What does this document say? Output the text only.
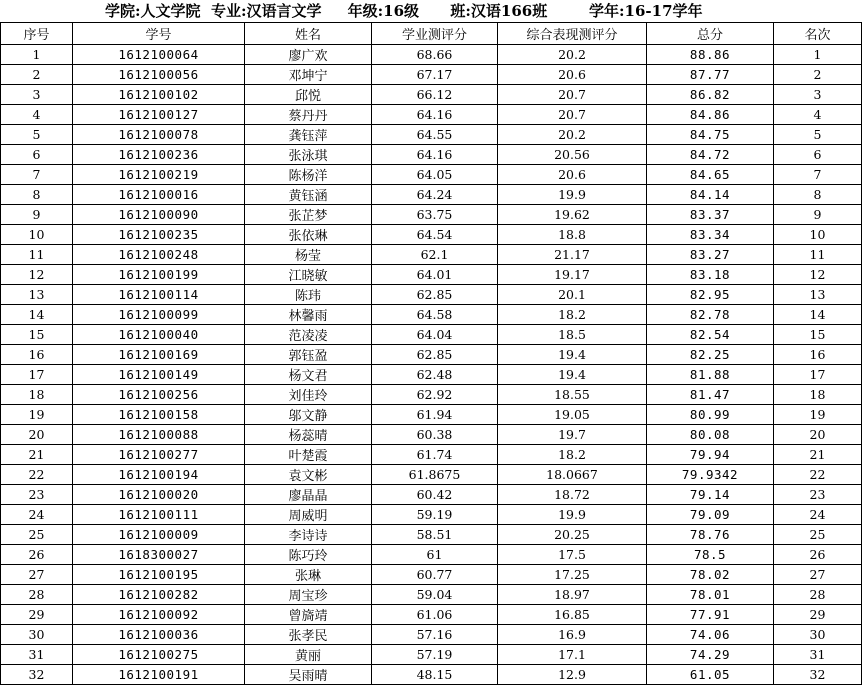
学院:人文学院  专业:汉语言文学     年级:16级      班:汉语166班        学年:16-17学年
序号	学号	姓名	学业测评分	综合表现测评分	总分	名次
1	1612100064	廖广欢	68.66	20.2	88.86	1
2	1612100056	邓坤宁	67.17	20.6	87.77	2
3	1612100102	邱悦	66.12	20.7	86.82	3
4	1612100127	蔡丹丹	64.16	20.7	84.86	4
5	1612100078	龚钰萍	64.55	20.2	84.75	5
6	1612100236	张泳琪	64.16	20.56	84.72	6
7	1612100219	陈杨洋	64.05	20.6	84.65	7
8	1612100016	黄钰涵	64.24	19.9	84.14	8
9	1612100090	张芷梦	63.75	19.62	83.37	9
10	1612100235	张依琳	64.54	18.8	83.34	10
11	1612100248	杨莹	62.1	21.17	83.27	11
12	1612100199	江晓敏	64.01	19.17	83.18	12
13	1612100114	陈玮	62.85	20.1	82.95	13
14	1612100099	林馨雨	64.58	18.2	82.78	14
15	1612100040	范凌凌	64.04	18.5	82.54	15
16	1612100169	郭钰盈	62.85	19.4	82.25	16
17	1612100149	杨文君	62.48	19.4	81.88	17
18	1612100256	刘佳玲	62.92	18.55	81.47	18
19	1612100158	邬文静	61.94	19.05	80.99	19
20	1612100088	杨蕊晴	60.38	19.7	80.08	20
21	1612100277	叶楚霞	61.74	18.2	79.94	21
22	1612100194	袁文彬	61.8675	18.0667	79.9342	22
23	1612100020	廖晶晶	60.42	18.72	79.14	23
24	1612100111	周威明	59.19	19.9	79.09	24
25	1612100009	李诗诗	58.51	20.25	78.76	25
26	1618300027	陈巧玲	61	17.5	78.5	26
27	1612100195	张琳	60.77	17.25	78.02	27
28	1612100282	周宝珍	59.04	18.97	78.01	28
29	1612100092	曾旖靖	61.06	16.85	77.91	29
30	1612100036	张孝民	57.16	16.9	74.06	30
31	1612100275	黄丽	57.19	17.1	74.29	31
32	1612100191	吴雨晴	48.15	12.9	61.05	32
